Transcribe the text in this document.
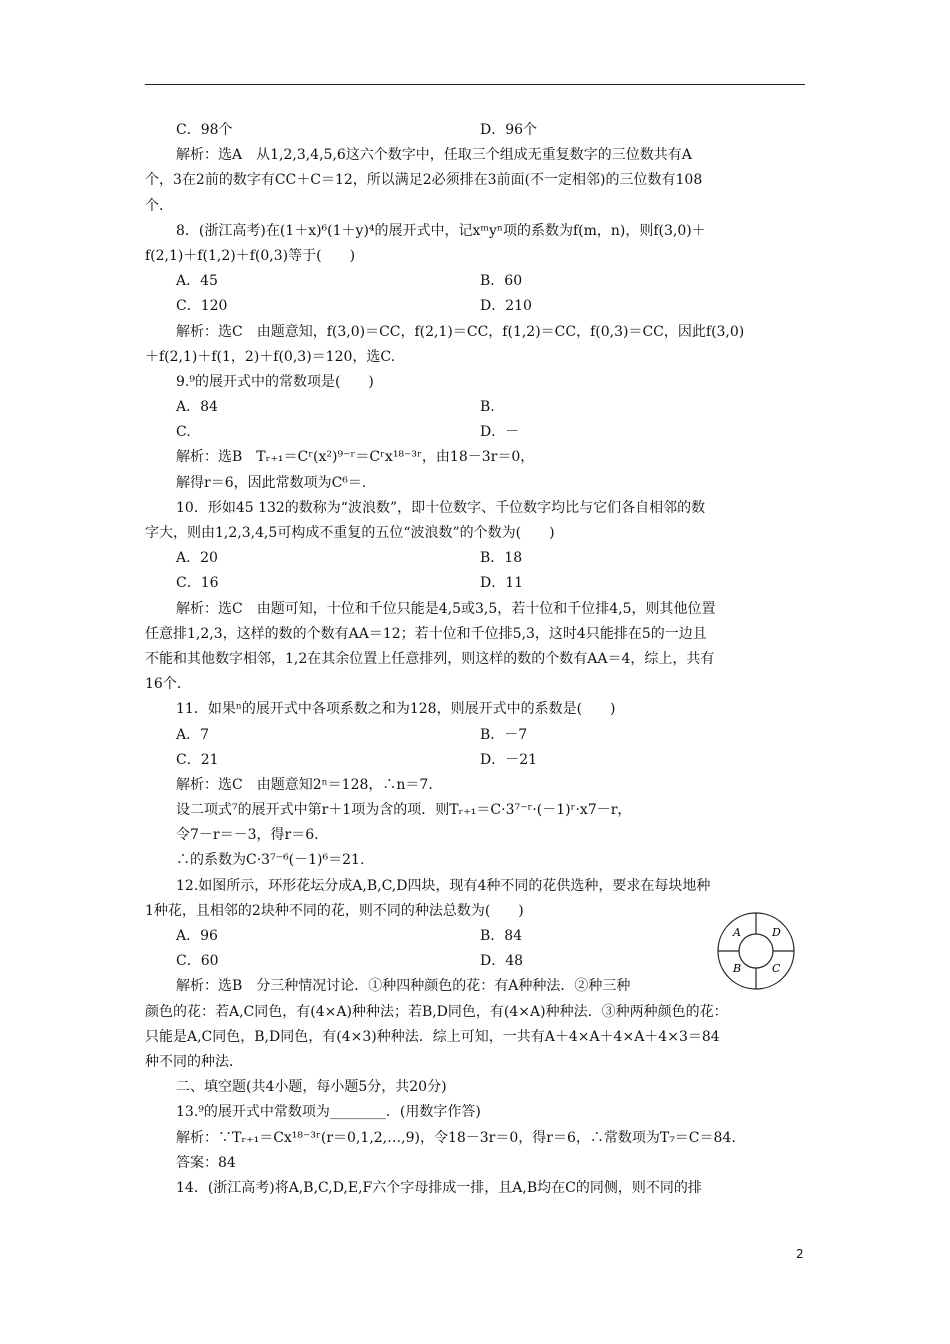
C．98个	D．96个
解析：选A　从1,2,3,4,5,6这六个数字中，任取三个组成无重复数字的三位数共有A
个，3在2前的数字有CC＋C＝12，所以满足2必须排在3前面(不一定相邻)的三位数有108
个．
8．(浙江高考)在(1＋x)⁶(1＋y)⁴的展开式中，记xᵐyⁿ项的系数为f(m，n)，则f(3,0)＋
f(2,1)＋f(1,2)＋f(0,3)等于(　　)
A．45	B．60
C．120	D．210
解析：选C　由题意知，f(3,0)＝CC，f(2,1)＝CC，f(1,2)＝CC，f(0,3)＝CC，因此f(3,0)
＋f(2,1)＋f(1，2)＋f(0,3)＝120，选C.
9.⁹的展开式中的常数项是(　　)
A．84	B.
C.	D．－
解析：选B　Tᵣ₊₁＝Cʳ(x²)⁹⁻ʳ＝Cʳx¹⁸⁻³ʳ，由18－3r＝0，
解得r＝6，因此常数项为C⁶＝.
10．形如45 132的数称为“波浪数”，即十位数字、千位数字均比与它们各自相邻的数
字大，则由1,2,3,4,5可构成不重复的五位“波浪数”的个数为(　　)
A．20	B．18
C．16	D．11
解析：选C　由题可知，十位和千位只能是4,5或3,5，若十位和千位排4,5，则其他位置
任意排1,2,3，这样的数的个数有AA＝12；若十位和千位排5,3，这时4只能排在5的一边且
不能和其他数字相邻，1,2在其余位置上任意排列，则这样的数的个数有AA＝4，综上，共有
16个．
11．如果ⁿ的展开式中各项系数之和为128，则展开式中的系数是(　　)
A．7	B．－7
C．21	D．－21
解析：选C　由题意知2ⁿ＝128，∴n＝7.
设二项式⁷的展开式中第r＋1项为含的项．则Tᵣ₊₁＝C·3⁷⁻ʳ·(－1)ʳ·x7－r，
令7－r＝－3，得r＝6.
∴的系数为C·3⁷⁻⁶(－1)⁶＝21.
12.如图所示，环形花坛分成A,B,C,D四块，现有4种不同的花供选种，要求在每块地种
1种花，且相邻的2块种不同的花，则不同的种法总数为(　　)
A．96	B．84
C．60	D．48
解析：选B　分三种情况讨论．①种四种颜色的花：有A种种法．②种三种
颜色的花：若A,C同色，有(4×A)种种法；若B,D同色，有(4×A)种种法．③种两种颜色的花：
只能是A,C同色，B,D同色，有(4×3)种种法．综上可知，一共有A＋4×A＋4×A＋4×3＝84
种不同的种法．
二、填空题(共4小题，每小题5分，共20分)
13.⁹的展开式中常数项为________．(用数字作答)
解析：∵Tᵣ₊₁＝Cx¹⁸⁻³ʳ(r＝0,1,2,…,9)，令18－3r＝0，得r＝6，∴常数项为T₇＝C＝84.
答案：84
14．(浙江高考)将A,B,C,D,E,F六个字母排成一排，且A,B均在C的同侧，则不同的排
A	D
B	C
2
